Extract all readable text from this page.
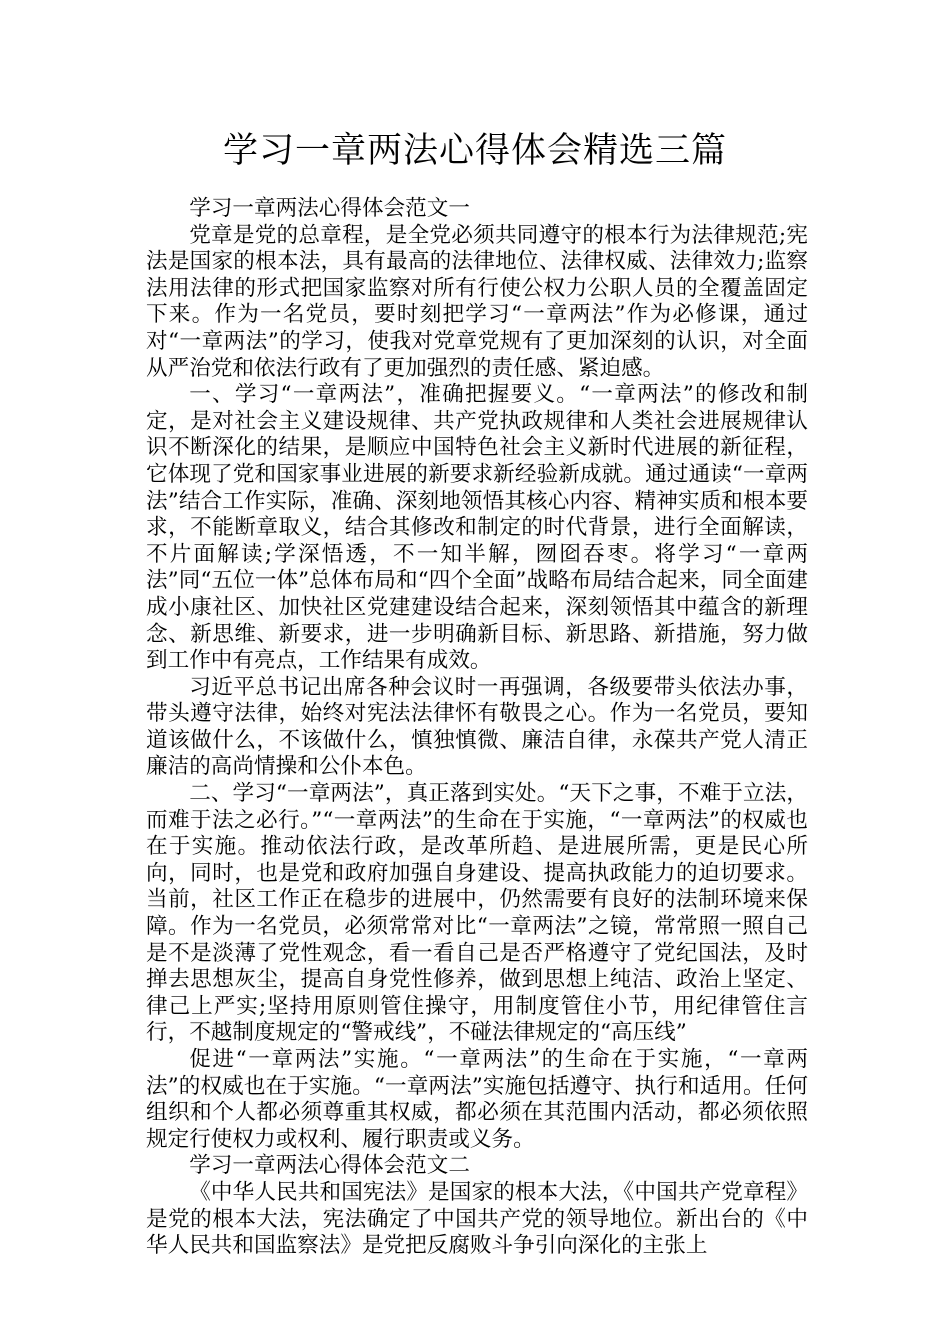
学习一章两法心得体会精选三篇

学习一章两法心得体会范文一

党章是党的总章程，是全党必须共同遵守的根本行为法律规范;宪法是国家的根本法，具有最高的法律地位、法律权威、法律效力;监察法用法律的形式把国家监察对所有行使公权力公职人员的全覆盖固定下来。作为一名党员，要时刻把学习“一章两法”作为必修课，通过对“一章两法”的学习，使我对党章党规有了更加深刻的认识，对全面从严治党和依法行政有了更加强烈的责任感、紧迫感。

一、学习“一章两法”，准确把握要义。“一章两法”的修改和制定，是对社会主义建设规律、共产党执政规律和人类社会进展规律认识不断深化的结果，是顺应中国特色社会主义新时代进展的新征程，它体现了党和国家事业进展的新要求新经验新成就。通过通读“一章两法”结合工作实际，准确、深刻地领悟其核心内容、精神实质和根本要求，不能断章取义，结合其修改和制定的时代背景，进行全面解读，不片面解读;学深悟透，不一知半解，囫囵吞枣。将学习“一章两法”同“五位一体”总体布局和“四个全面”战略布局结合起来，同全面建成小康社区、加快社区党建建设结合起来，深刻领悟其中蕴含的新理念、新思维、新要求，进一步明确新目标、新思路、新措施，努力做到工作中有亮点，工作结果有成效。

习近平总书记出席各种会议时一再强调，各级要带头依法办事，带头遵守法律，始终对宪法法律怀有敬畏之心。作为一名党员，要知道该做什么，不该做什么，慎独慎微、廉洁自律，永葆共产党人清正廉洁的高尚情操和公仆本色。

二、学习“一章两法”，真正落到实处。“天下之事，不难于立法，而难于法之必行。”“一章两法”的生命在于实施，“一章两法”的权威也在于实施。推动依法行政，是改革所趋、是进展所需，更是民心所向，同时，也是党和政府加强自身建设、提高执政能力的迫切要求。当前，社区工作正在稳步的进展中，仍然需要有良好的法制环境来保障。作为一名党员，必须常常对比“一章两法”之镜，常常照一照自己是不是淡薄了党性观念，看一看自己是否严格遵守了党纪国法，及时掸去思想灰尘，提高自身党性修养，做到思想上纯洁、政治上坚定、律己上严实;坚持用原则管住操守，用制度管住小节，用纪律管住言行，不越制度规定的“警戒线”，不碰法律规定的“高压线”

促进“一章两法”实施。“一章两法”的生命在于实施，“一章两法”的权威也在于实施。“一章两法”实施包括遵守、执行和适用。任何组织和个人都必须尊重其权威，都必须在其范围内活动，都必须依照规定行使权力或权利、履行职责或义务。

学习一章两法心得体会范文二

《中华人民共和国宪法》是国家的根本大法，《中国共产党章程》是党的根本大法，宪法确定了中国共产党的领导地位。新出台的《中华人民共和国监察法》是党把反腐败斗争引向深化的主张上
